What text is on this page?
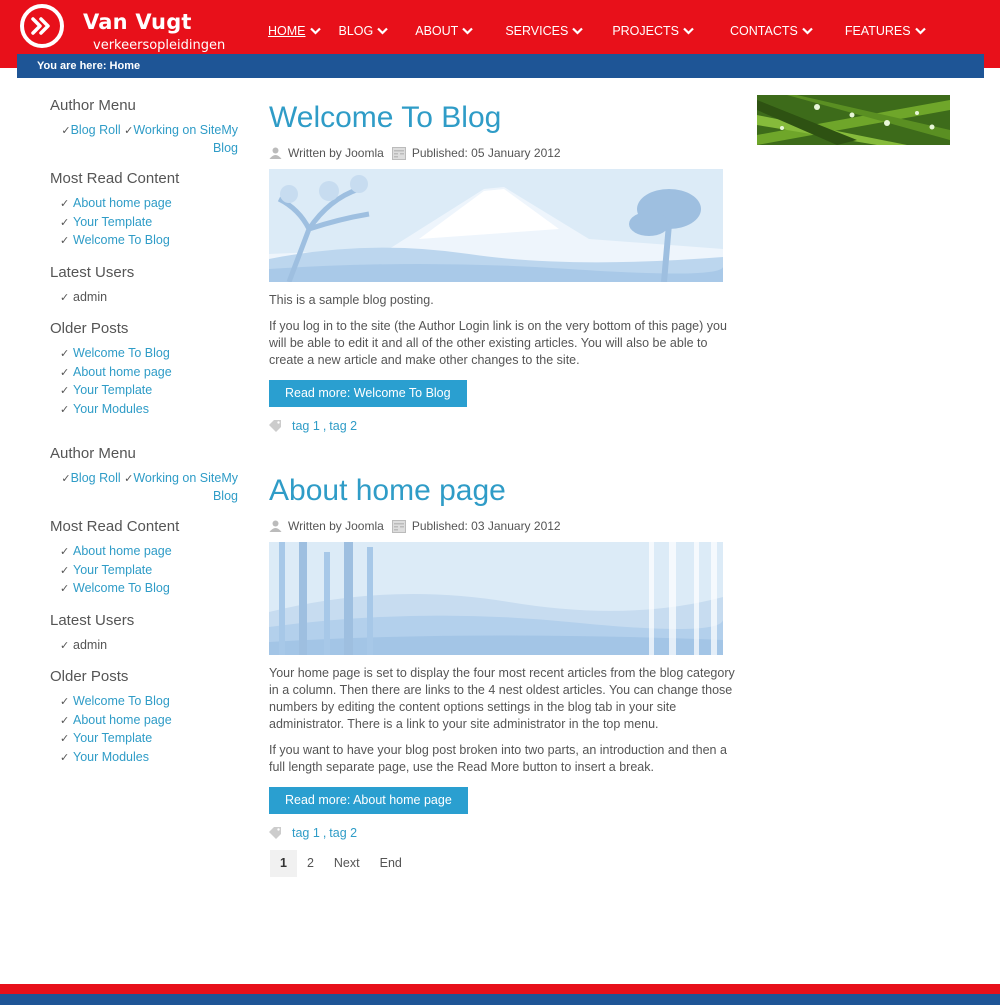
Van Vugt
verkeersopleidingen
HOME	BLOG	ABOUT	SERVICES	PROJECTS	CONTACTS	FEATURES
You are here: Home
Author Menu
✓Blog Roll ✓Working on SiteMy Blog
Most Read Content
✓ About home page
✓ Your Template
✓ Welcome To Blog
Latest Users
✓ admin
Older Posts
✓ Welcome To Blog
✓ About home page
✓ Your Template
✓ Your Modules
Author Menu
✓Blog Roll ✓Working on SiteMy Blog
Most Read Content
✓ About home page
✓ Your Template
✓ Welcome To Blog
Latest Users
✓ admin
Older Posts
✓ Welcome To Blog
✓ About home page
✓ Your Template
✓ Your Modules
Welcome To Blog
Written by Joomla Published: 05 January 2012

This is a sample blog posting.

If you log in to the site (the Author Login link is on the very bottom of this page) you will be able to edit it and all of the other existing articles. You will also be able to create a new article and make other changes to the site.

Read more: Welcome To Blog
tag 1 , tag 2
About home page
Written by Joomla Published: 03 January 2012

Your home page is set to display the four most recent articles from the blog category in a column. Then there are links to the 4 nest oldest articles. You can change those numbers by editing the content options settings in the blog tab in your site administrator. There is a link to your site administrator in the top menu.

If you want to have your blog post broken into two parts, an introduction and then a full length separate page, use the Read More button to insert a break.

Read more: About home page
tag 1 , tag 2
1	2	Next	End
